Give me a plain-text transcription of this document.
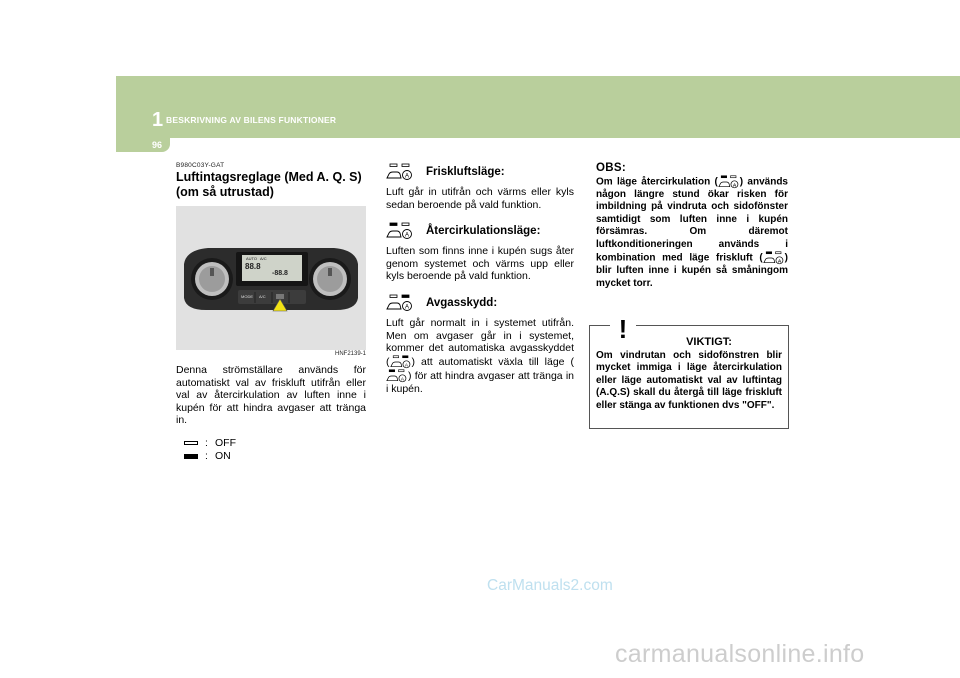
1 BESKRIVNING AV BILENS FUNKTIONER
96
B980C03Y-GAT
Luftintagsreglage (Med A. Q. S) (om så utrustad)
AUTO A/C
88.8
-88.8
MODE A/C
HNF2139-1
Denna strömställare används för automatiskt val av friskluft utifrån eller val av återcirkulation av luften inne i kupén för att hindra avgaser att tränga in.
: OFF
: ON
A Friskluftsläge:
Luft går in utifrån och värms eller kyls sedan beroende på vald funktion.
A Återcirkulationsläge:
Luften som finns inne i kupén sugs åter genom systemet och värms upp eller kyls beroende på vald funktion.
A Avgasskydd:
Luft går normalt in i systemet utifrån. Men om avgaser går in i systemet, kommer det automatiska avgasskyddet ( A ) att automatiskt växla till läge (
A ) för att hindra avgaser att tränga in i kupén.
OBS:
Om läge återcirkulation ( A ) används någon längre stund ökar risken för imbildning på vindruta och sidofönster samtidigt som luften inne i kupén försämras. Om däremot luftkonditioneringen används i kombination med läge friskluft ( A ) blir luften inne i kupén så småningom mycket torr.
!	VIKTIGT:
Om vindrutan och sidofönstren blir mycket immiga i läge återcirkulation eller läge automatiskt val av luftintag (A.Q.S) skall du återgå till läge friskluft eller stänga av funktionen dvs "OFF".
CarManuals2.com
carmanualsonline.info
